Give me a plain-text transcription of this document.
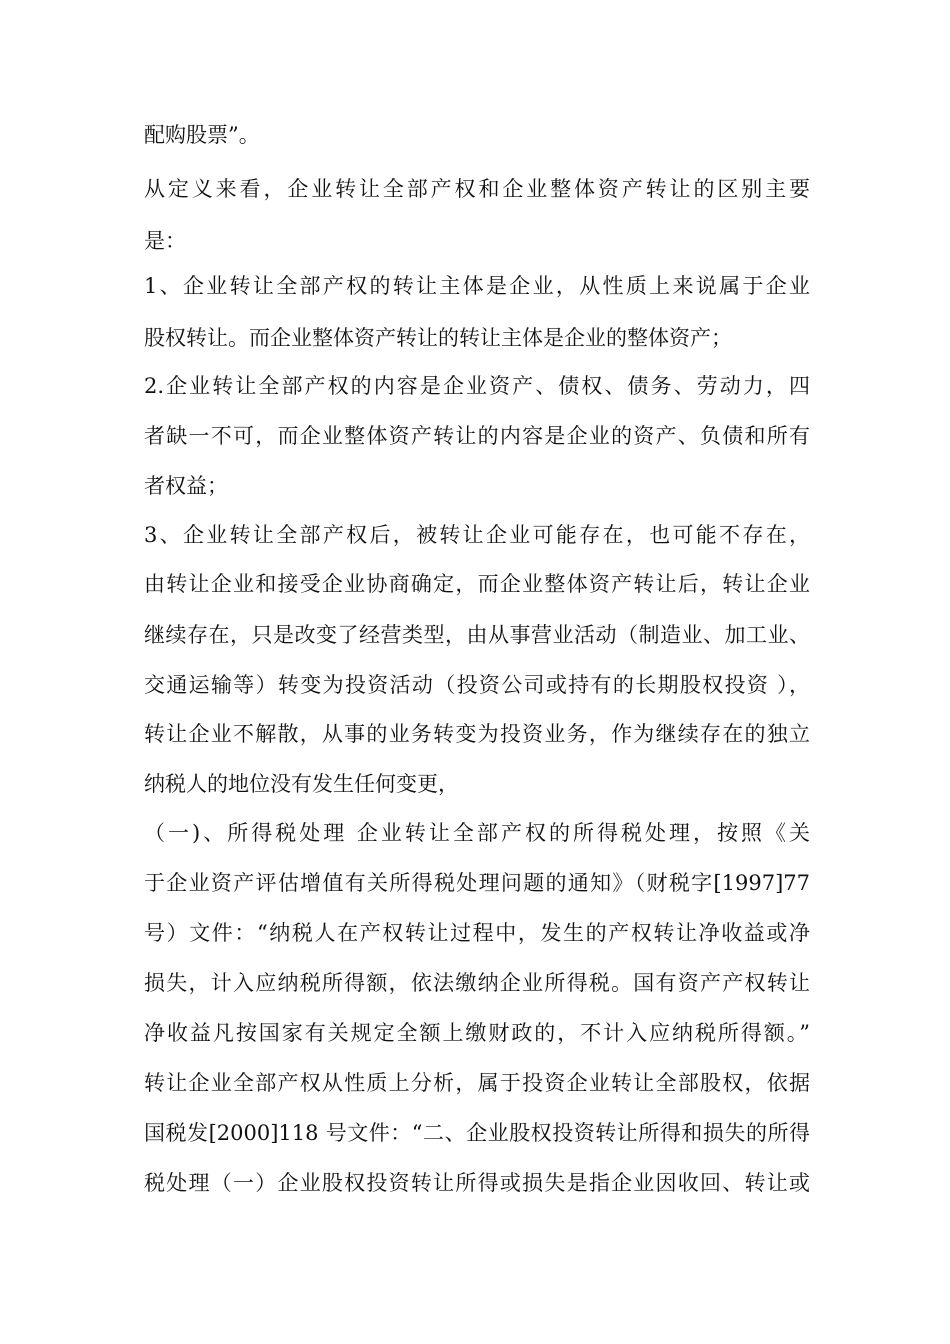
配购股票”。
从定义来看，企业转让全部产权和企业整体资产转让的区别主要
是：
1、企业转让全部产权的转让主体是企业，从性质上来说属于企业
股权转让。而企业整体资产转让的转让主体是企业的整体资产；
2.企业转让全部产权的内容是企业资产、债权、债务、劳动力，四
者缺一不可，而企业整体资产转让的内容是企业的资产、负债和所有
者权益；
3、企业转让全部产权后，被转让企业可能存在，也可能不存在，
由转让企业和接受企业协商确定，而企业整体资产转让后，转让企业
继续存在，只是改变了经营类型，由从事营业活动（制造业、加工业、
交通运输等）转变为投资活动（投资公司或持有的长期股权投资 ），
转让企业不解散，从事的业务转变为投资业务，作为继续存在的独立
纳税人的地位没有发生任何变更，
（一)、所得税处理 企业转让全部产权的所得税处理，按照《关
于企业资产评估增值有关所得税处理问题的通知》（财税字[1997]77
号）文件：“纳税人在产权转让过程中，发生的产权转让净收益或净
损失，计入应纳税所得额，依法缴纳企业所得税。国有资产产权转让
净收益凡按国家有关规定全额上缴财政的，不计入应纳税所得额。”
转让企业全部产权从性质上分析，属于投资企业转让全部股权，依据
国税发[2000]118 号文件：“二、企业股权投资转让所得和损失的所得
税处理（一）企业股权投资转让所得或损失是指企业因收回、转让或
